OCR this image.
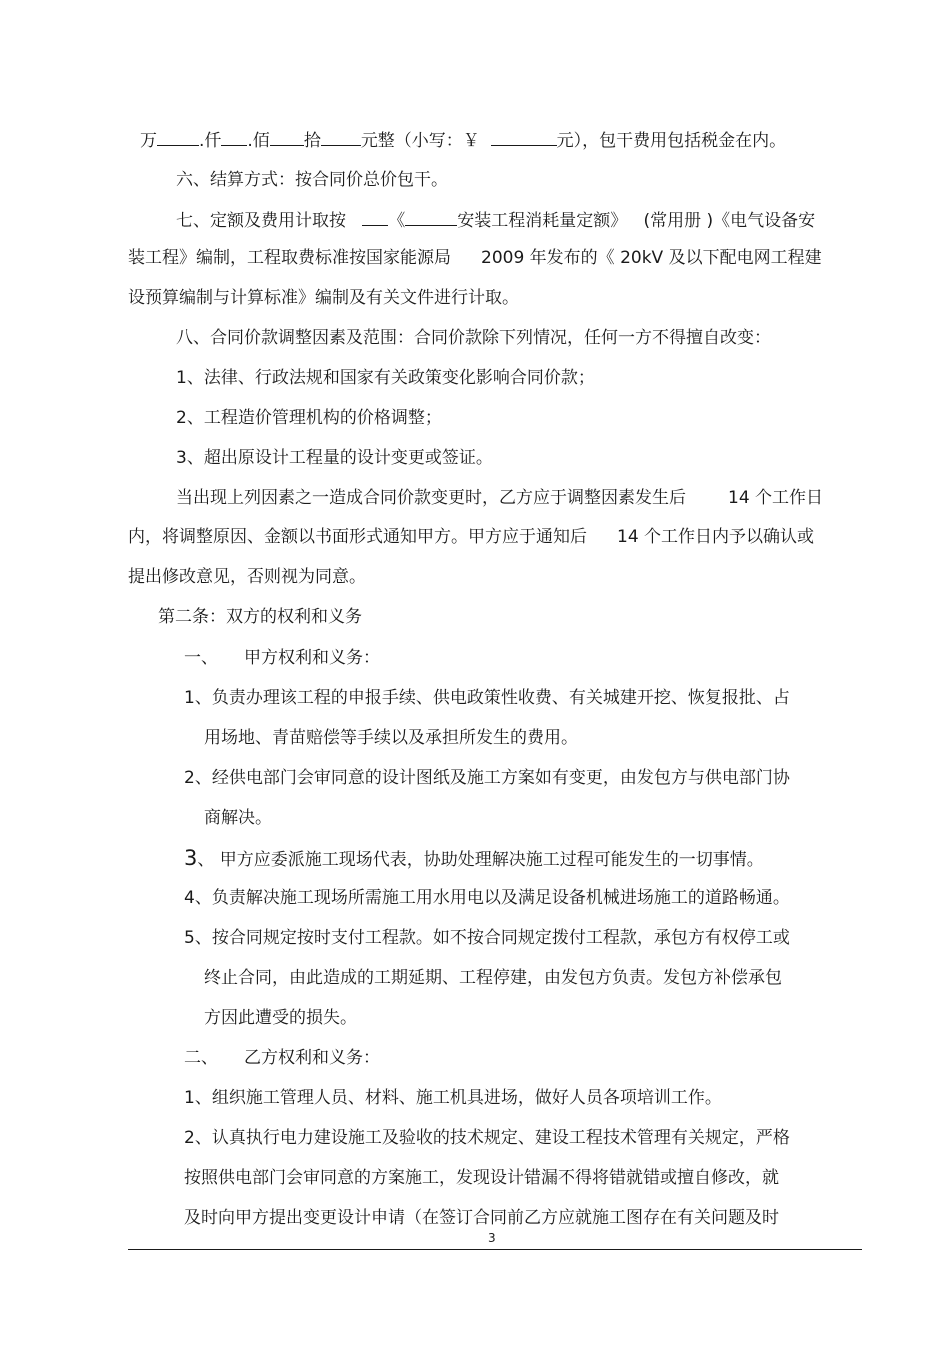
万 .仟 .佰 拾 元整（小写：￥	元），包干费用包括税金在内。
六、结算方式：按合同价总价包干。
七、定额及费用计取按 《	安装工程消耗量定额》 (常用册 )《电气设备安
装工程》编制，工程取费标准按国家能源局 2009 年发布的《 20kV 及以下配电网工程建
设预算编制与计算标准》编制及有关文件进行计取。
八、合同价款调整因素及范围：合同价款除下列情况，任何一方不得擅自改变：
1、法律、行政法规和国家有关政策变化影响合同价款；
2、工程造价管理机构的价格调整；
3、超出原设计工程量的设计变更或签证。
当出现上列因素之一造成合同价款变更时，乙方应于调整因素发生后 14 个工作日
内，将调整原因、金额以书面形式通知甲方。甲方应于通知后 14 个工作日内予以确认或
提出修改意见，否则视为同意。
第二条：双方的权利和义务
一、 甲方权利和义务：
1、负责办理该工程的申报手续、供电政策性收费、有关城建开挖、恢复报批、占
用场地、青苗赔偿等手续以及承担所发生的费用。
2、经供电部门会审同意的设计图纸及施工方案如有变更，由发包方与供电部门协
商解决。
3、 甲方应委派施工现场代表，协助处理解决施工过程可能发生的一切事情。
4、负责解决施工现场所需施工用水用电以及满足设备机械进场施工的道路畅通。
5、按合同规定按时支付工程款。如不按合同规定拨付工程款，承包方有权停工或
终止合同，由此造成的工期延期、工程停建，由发包方负责。发包方补偿承包
方因此遭受的损失。
二、 乙方权利和义务：
1、组织施工管理人员、材料、施工机具进场，做好人员各项培训工作。
2、认真执行电力建设施工及验收的技术规定、建设工程技术管理有关规定，严格
按照供电部门会审同意的方案施工，发现设计错漏不得将错就错或擅自修改，就
及时向甲方提出变更设计申请（在签订合同前乙方应就施工图存在有关问题及时
3
